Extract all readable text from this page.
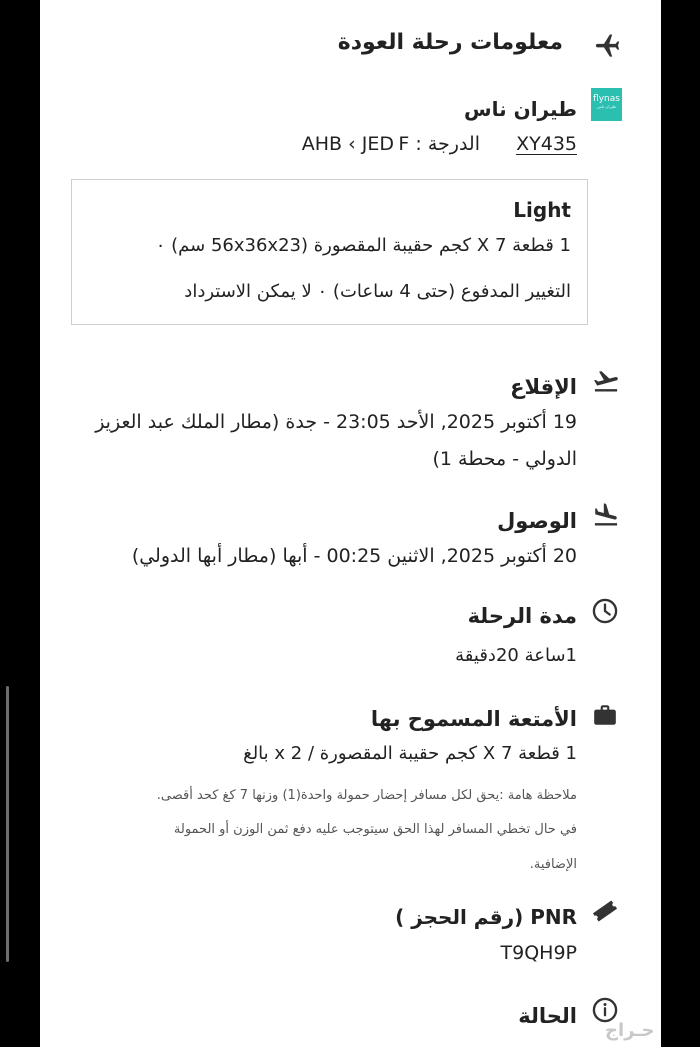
معلومات رحلة العودة
flynas
طيران ناس
طيران ناس
XY435
الدرجة : F
AHB ‹ JED
Light
1 قطعة 7 X كجم حقيبة المقصورة (56x36x23 سم) ٠
التغيير المدفوع (حتى 4 ساعات) ٠ لا يمكن الاسترداد
الإقلاع
19 أكتوبر 2025, الأحد 23:05 - جدة (مطار الملك عبد العزيز
الدولي - محطة 1)
الوصول
20 أكتوبر 2025, الاثنين 00:25 - أبها (مطار أبها الدولي)
مدة الرحلة
1ساعة 20دقيقة
الأمتعة المسموح بها
1 قطعة 7 X كجم حقيبة المقصورة / 2 x بالغ
ملاحظة هامة :يحق لكل مسافر إحضار حمولة واحدة(1) وزنها 7 كغ كحد أقصى.
في حال تخطي المسافر لهذا الحق سيتوجب عليه دفع ثمن الوزن أو الحمولة
الإضافية.
PNR (رقم الحجز )
T9QH9P
الحالة
حـراج
